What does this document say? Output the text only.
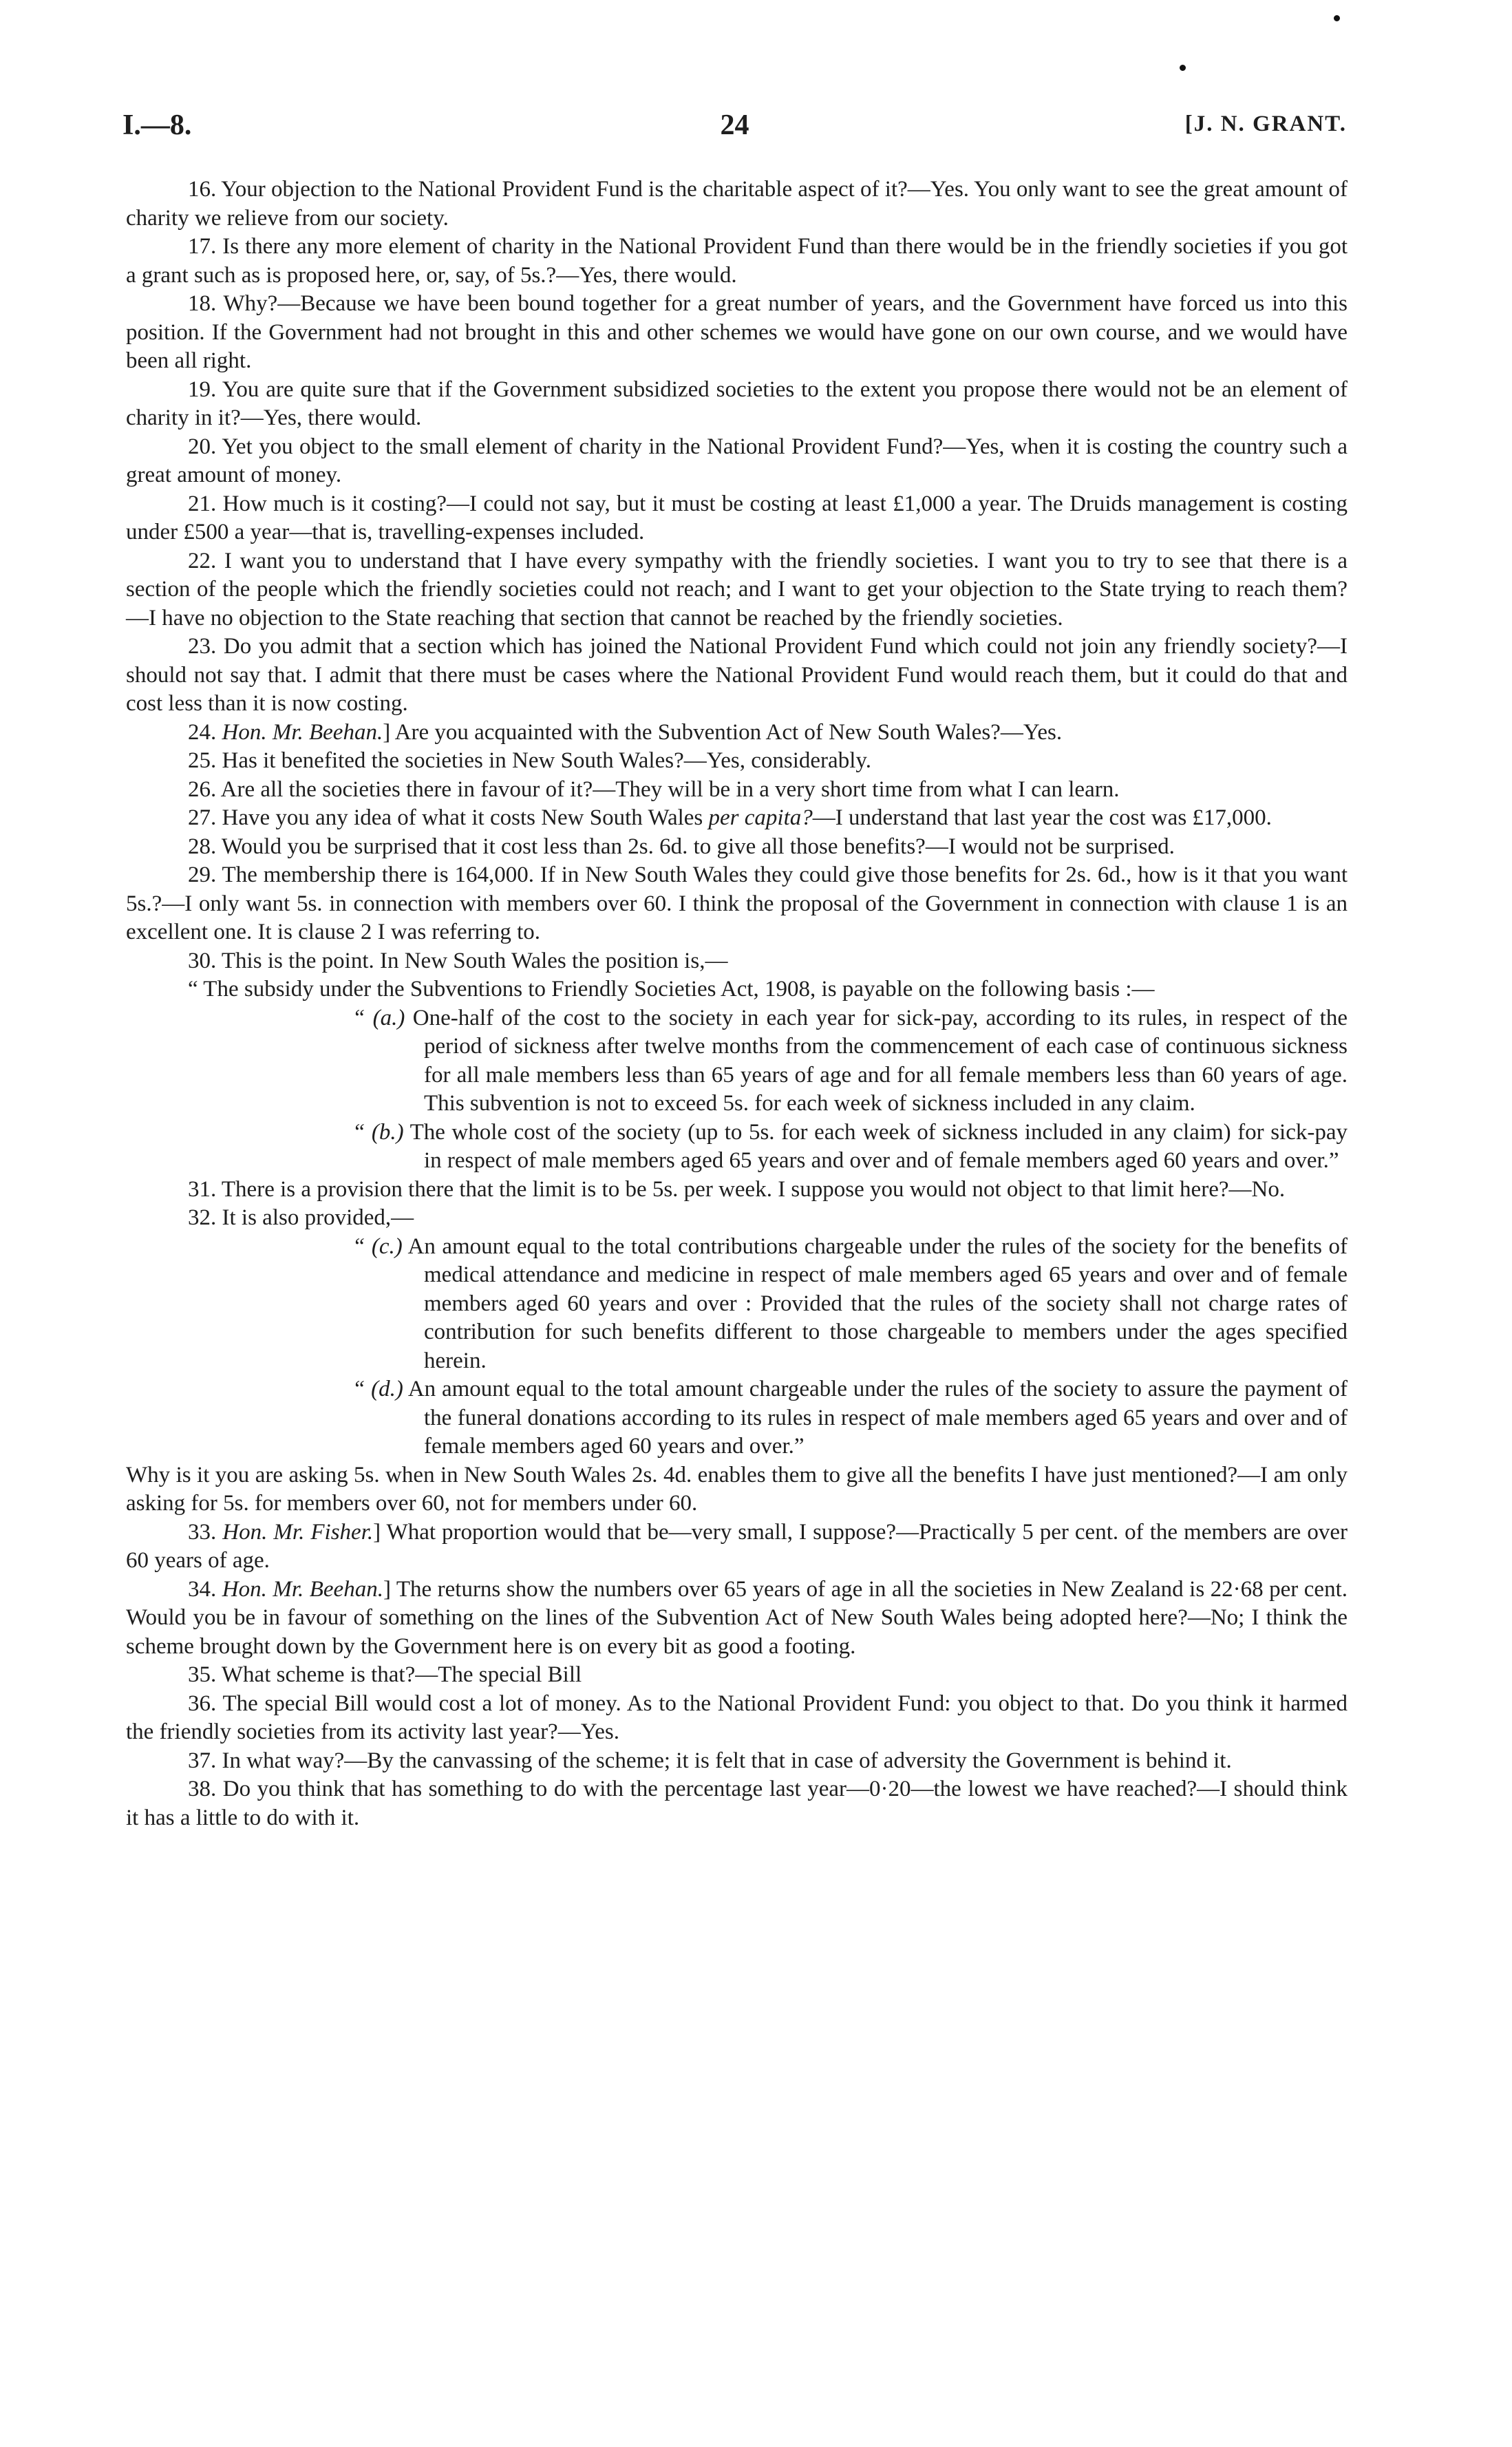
I.—8.	24	[J. N. GRANT.

16. Your objection to the National Provident Fund is the charitable aspect of it?—Yes. You only want to see the great amount of charity we relieve from our society.

17. Is there any more element of charity in the National Provident Fund than there would be in the friendly societies if you got a grant such as is proposed here, or, say, of 5s.?—Yes, there would.

18. Why?—Because we have been bound together for a great number of years, and the Government have forced us into this position. If the Government had not brought in this and other schemes we would have gone on our own course, and we would have been all right.

19. You are quite sure that if the Government subsidized societies to the extent you propose there would not be an element of charity in it?—Yes, there would.

20. Yet you object to the small element of charity in the National Provident Fund?—Yes, when it is costing the country such a great amount of money.

21. How much is it costing?—I could not say, but it must be costing at least £1,000 a year. The Druids management is costing under £500 a year—that is, travelling-expenses included.

22. I want you to understand that I have every sympathy with the friendly societies. I want you to try to see that there is a section of the people which the friendly societies could not reach; and I want to get your objection to the State trying to reach them?—I have no objection to the State reaching that section that cannot be reached by the friendly societies.

23. Do you admit that a section which has joined the National Provident Fund which could not join any friendly society?—I should not say that. I admit that there must be cases where the National Provident Fund would reach them, but it could do that and cost less than it is now costing.

24. Hon. Mr. Beehan.] Are you acquainted with the Subvention Act of New South Wales?—Yes.

25. Has it benefited the societies in New South Wales?—Yes, considerably.

26. Are all the societies there in favour of it?—They will be in a very short time from what I can learn.

27. Have you any idea of what it costs New South Wales per capita?—I understand that last year the cost was £17,000.

28. Would you be surprised that it cost less than 2s. 6d. to give all those benefits?—I would not be surprised.

29. The membership there is 164,000. If in New South Wales they could give those benefits for 2s. 6d., how is it that you want 5s.?—I only want 5s. in connection with members over 60. I think the proposal of the Government in connection with clause 1 is an excellent one. It is clause 2 I was referring to.

30. This is the point. In New South Wales the position is,—

“ The subsidy under the Subventions to Friendly Societies Act, 1908, is payable on the following basis :—

“ (a.) One-half of the cost to the society in each year for sick-pay, according to its rules, in respect of the period of sickness after twelve months from the commencement of each case of continuous sickness for all male members less than 65 years of age and for all female members less than 60 years of age. This subvention is not to exceed 5s. for each week of sickness included in any claim.

“ (b.) The whole cost of the society (up to 5s. for each week of sickness included in any claim) for sick-pay in respect of male members aged 65 years and over and of female members aged 60 years and over.”

31. There is a provision there that the limit is to be 5s. per week. I suppose you would not object to that limit here?—No.

32. It is also provided,—

“ (c.) An amount equal to the total contributions chargeable under the rules of the society for the benefits of medical attendance and medicine in respect of male members aged 65 years and over and of female members aged 60 years and over : Provided that the rules of the society shall not charge rates of contribution for such benefits different to those chargeable to members under the ages specified herein.

“ (d.) An amount equal to the total amount chargeable under the rules of the society to assure the payment of the funeral donations according to its rules in respect of male members aged 65 years and over and of female members aged 60 years and over.”

Why is it you are asking 5s. when in New South Wales 2s. 4d. enables them to give all the benefits I have just mentioned?—I am only asking for 5s. for members over 60, not for members under 60.

33. Hon. Mr. Fisher.] What proportion would that be—very small, I suppose?—Practically 5 per cent. of the members are over 60 years of age.

34. Hon. Mr. Beehan.] The returns show the numbers over 65 years of age in all the societies in New Zealand is 22·68 per cent. Would you be in favour of something on the lines of the Subvention Act of New South Wales being adopted here?—No; I think the scheme brought down by the Government here is on every bit as good a footing.

35. What scheme is that?—The special Bill

36. The special Bill would cost a lot of money. As to the National Provident Fund: you object to that. Do you think it harmed the friendly societies from its activity last year?—Yes.

37. In what way?—By the canvassing of the scheme; it is felt that in case of adversity the Government is behind it.

38. Do you think that has something to do with the percentage last year—0·20—the lowest we have reached?—I should think it has a little to do with it.
